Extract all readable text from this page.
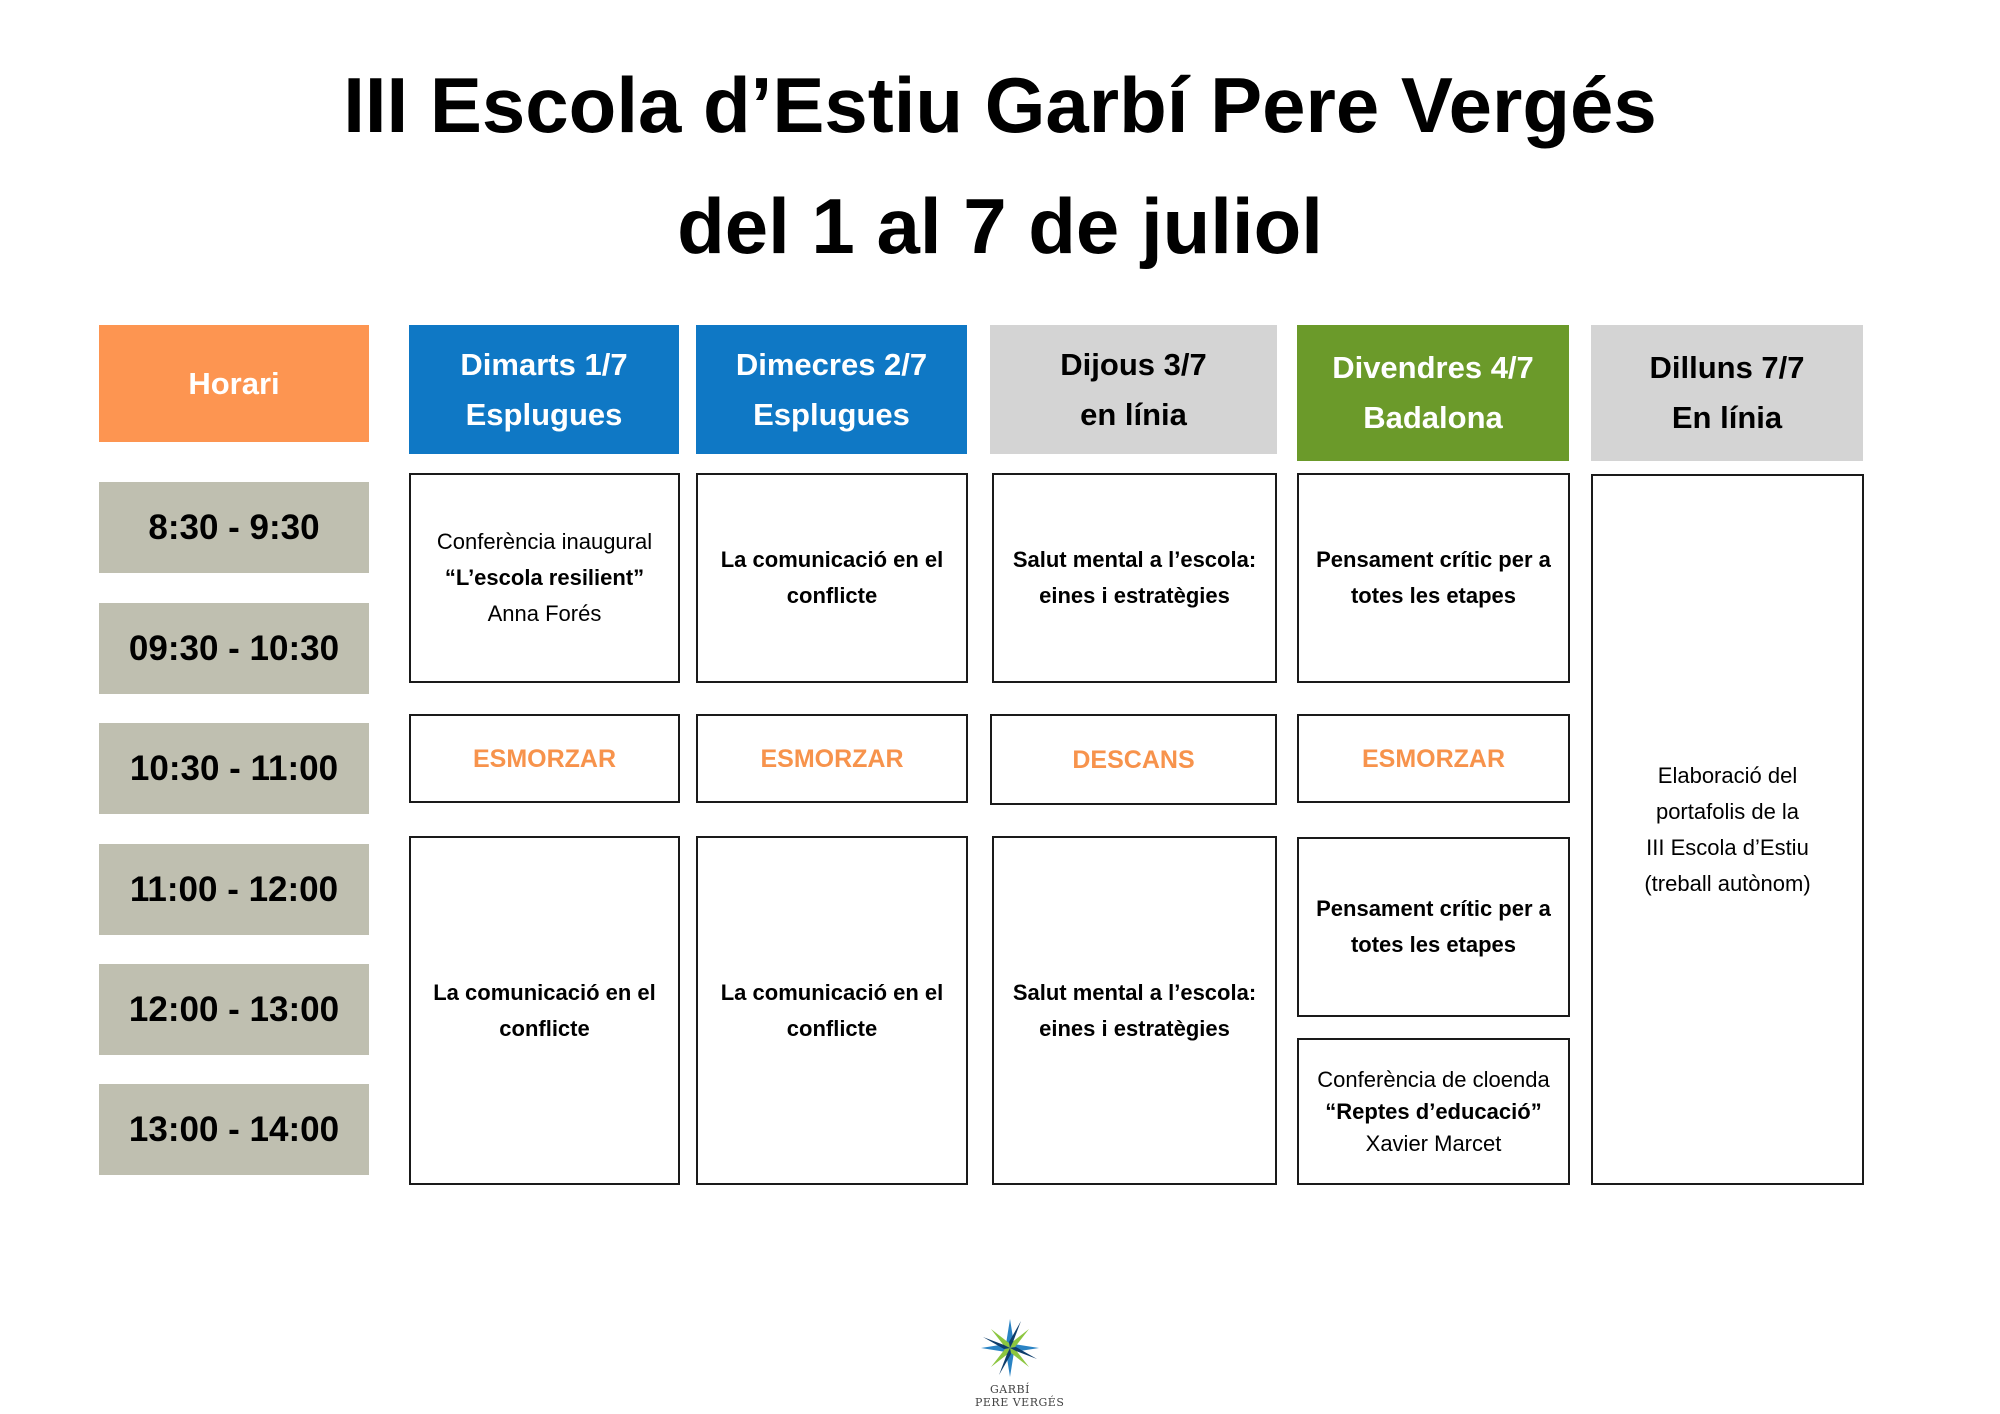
III Escola d’Estiu Garbí Pere Vergés
del 1 al 7 de juliol
Horari
Dimarts 1/7
Esplugues
Dimecres 2/7
Esplugues
Dijous 3/7
en línia
Divendres 4/7
Badalona
Dilluns 7/7
En línia
8:30 - 9:30
09:30 - 10:30
10:30 - 11:00
11:00 - 12:00
12:00 - 13:00
13:00 - 14:00
Conferència inaugural
“L’escola resilient”
Anna Forés
ESMORZAR
La comunicació en el
conflicte
La comunicació en el
conflicte
ESMORZAR
La comunicació en el
conflicte
Salut mental a l’escola:
eines i estratègies
DESCANS
Salut mental a l’escola:
eines i estratègies
Pensament crític per a
totes les etapes
ESMORZAR
Pensament crític per a
totes les etapes
Conferència de cloenda
“Reptes d’educació”
Xavier Marcet
Elaboració del
portafolis de la
III Escola d’Estiu
(treball autònom)
GARBÍ
PERE VERGÉS
